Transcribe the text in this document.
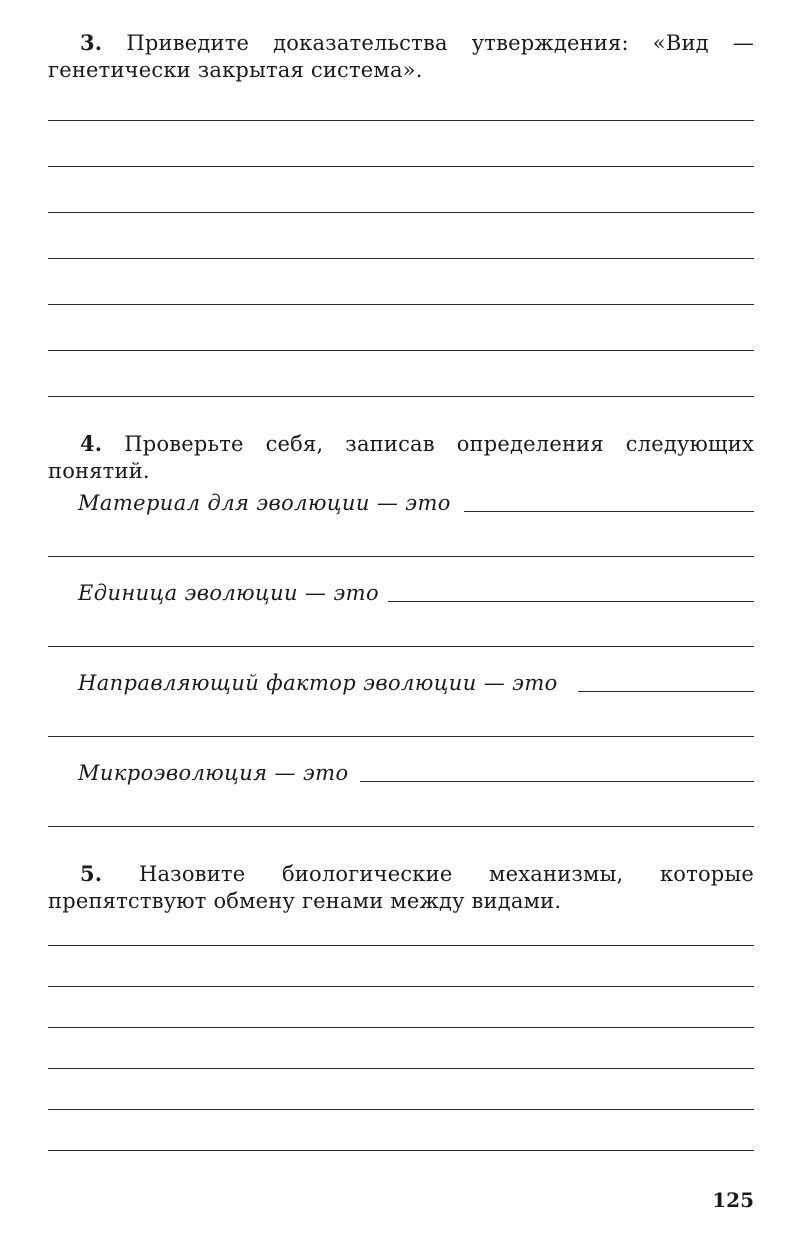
3. Приведите доказательства утверждения: «Вид — генетически закрытая система».

4. Проверьте себя, записав определения следующих понятий.

Материал для эволюции — это
Единица эволюции — это
Направляющий фактор эволюции — это
Микроэволюция — это

5. Назовите биологические механизмы, которые препятствуют обмену генами между видами.

125
